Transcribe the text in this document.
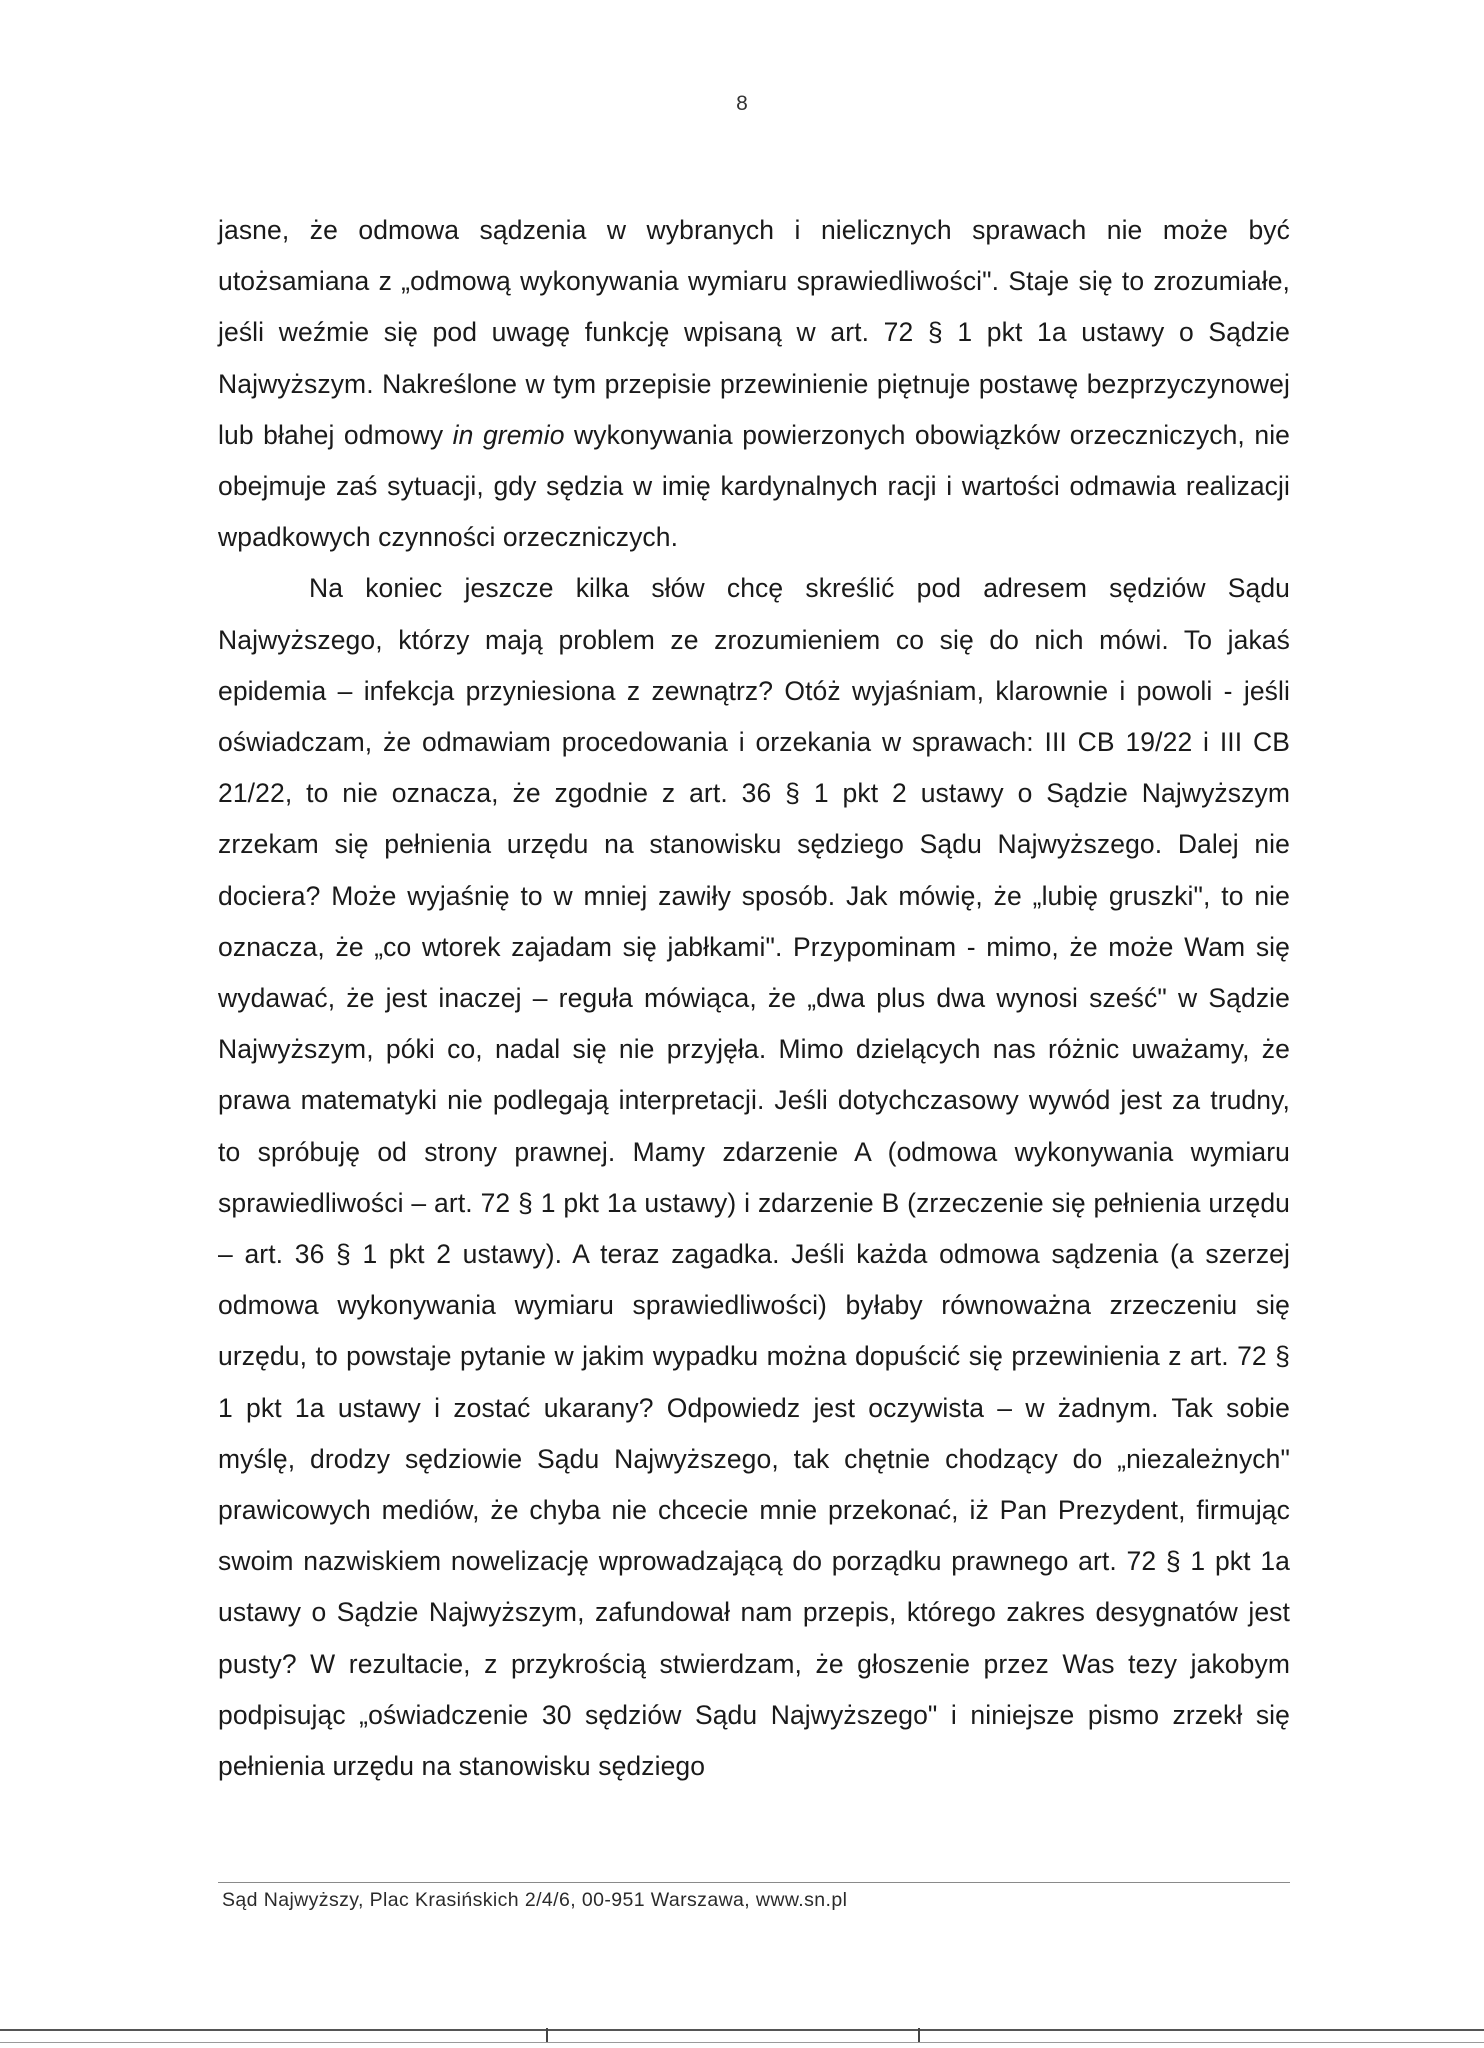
8

jasne, że odmowa sądzenia w wybranych i nielicznych sprawach nie może być utożsamiana z „odmową wykonywania wymiaru sprawiedliwości". Staje się to zrozumiałe, jeśli weźmie się pod uwagę funkcję wpisaną w art. 72 § 1 pkt 1a ustawy o Sądzie Najwyższym. Nakreślone w tym przepisie przewinienie piętnuje postawę bezprzyczynowej lub błahej odmowy in gremio wykonywania powierzonych obowiązków orzeczniczych, nie obejmuje zaś sytuacji, gdy sędzia w imię kardynalnych racji i wartości odmawia realizacji wpadkowych czynności orzeczniczych.

Na koniec jeszcze kilka słów chcę skreślić pod adresem sędziów Sądu Najwyższego, którzy mają problem ze zrozumieniem co się do nich mówi. To jakaś epidemia – infekcja przyniesiona z zewnątrz? Otóż wyjaśniam, klarownie i powoli - jeśli oświadczam, że odmawiam procedowania i orzekania w sprawach: III CB 19/22 i III CB 21/22, to nie oznacza, że zgodnie z art. 36 § 1 pkt 2 ustawy o Sądzie Najwyższym zrzekam się pełnienia urzędu na stanowisku sędziego Sądu Najwyższego. Dalej nie dociera? Może wyjaśnię to w mniej zawiły sposób. Jak mówię, że „lubię gruszki", to nie oznacza, że „co wtorek zajadam się jabłkami". Przypominam - mimo, że może Wam się wydawać, że jest inaczej – reguła mówiąca, że „dwa plus dwa wynosi sześć" w Sądzie Najwyższym, póki co, nadal się nie przyjęła. Mimo dzielących nas różnic uważamy, że prawa matematyki nie podlegają interpretacji. Jeśli dotychczasowy wywód jest za trudny, to spróbuję od strony prawnej. Mamy zdarzenie A (odmowa wykonywania wymiaru sprawiedliwości – art. 72 § 1 pkt 1a ustawy) i zdarzenie B (zrzeczenie się pełnienia urzędu – art. 36 § 1 pkt 2 ustawy). A teraz zagadka. Jeśli każda odmowa sądzenia (a szerzej odmowa wykonywania wymiaru sprawiedliwości) byłaby równoważna zrzeczeniu się urzędu, to powstaje pytanie w jakim wypadku można dopuścić się przewinienia z art. 72 § 1 pkt 1a ustawy i zostać ukarany? Odpowiedz jest oczywista – w żadnym. Tak sobie myślę, drodzy sędziowie Sądu Najwyższego, tak chętnie chodzący do „niezależnych" prawicowych mediów, że chyba nie chcecie mnie przekonać, iż Pan Prezydent, firmując swoim nazwiskiem nowelizację wprowadzającą do porządku prawnego art. 72 § 1 pkt 1a ustawy o Sądzie Najwyższym, zafundował nam przepis, którego zakres desygnatów jest pusty? W rezultacie, z przykrością stwierdzam, że głoszenie przez Was tezy jakobym podpisując „oświadczenie 30 sędziów Sądu Najwyższego" i niniejsze pismo zrzekł się pełnienia urzędu na stanowisku sędziego

Sąd Najwyższy, Plac Krasińskich 2/4/6, 00-951 Warszawa, www.sn.pl
